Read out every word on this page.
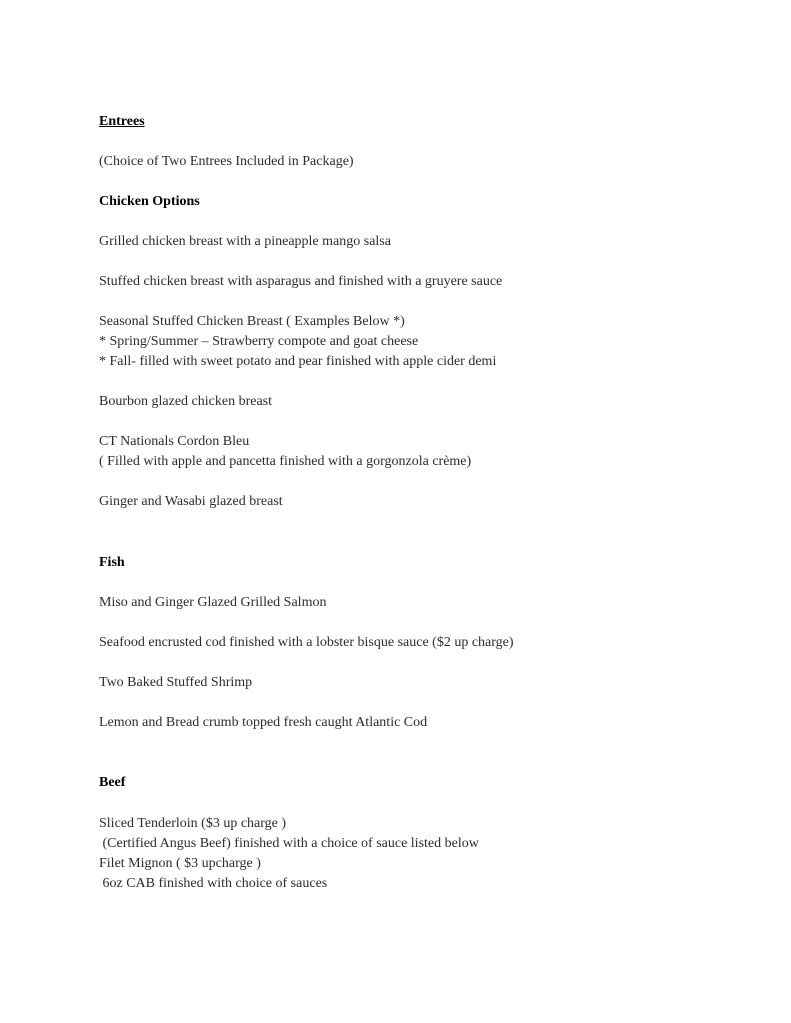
Entrees
(Choice of Two Entrees Included in Package)
Chicken Options
Grilled chicken breast with a pineapple mango salsa
Stuffed chicken breast with asparagus and finished with a gruyere sauce
Seasonal Stuffed Chicken Breast ( Examples Below *)
* Spring/Summer – Strawberry compote and goat cheese
* Fall- filled with sweet potato and pear finished with apple cider demi
Bourbon glazed chicken breast
CT Nationals Cordon Bleu
( Filled with apple and pancetta finished with a gorgonzola crème)
Ginger and Wasabi glazed breast
Fish
Miso and Ginger Glazed Grilled Salmon
Seafood encrusted cod finished with a lobster bisque sauce ($2 up charge)
Two Baked Stuffed Shrimp
Lemon and Bread crumb topped fresh caught Atlantic Cod
Beef
Sliced Tenderloin ($3 up charge )
(Certified Angus Beef) finished with a choice of sauce listed below
Filet Mignon ( $3 upcharge )
6oz CAB finished with choice of sauces
